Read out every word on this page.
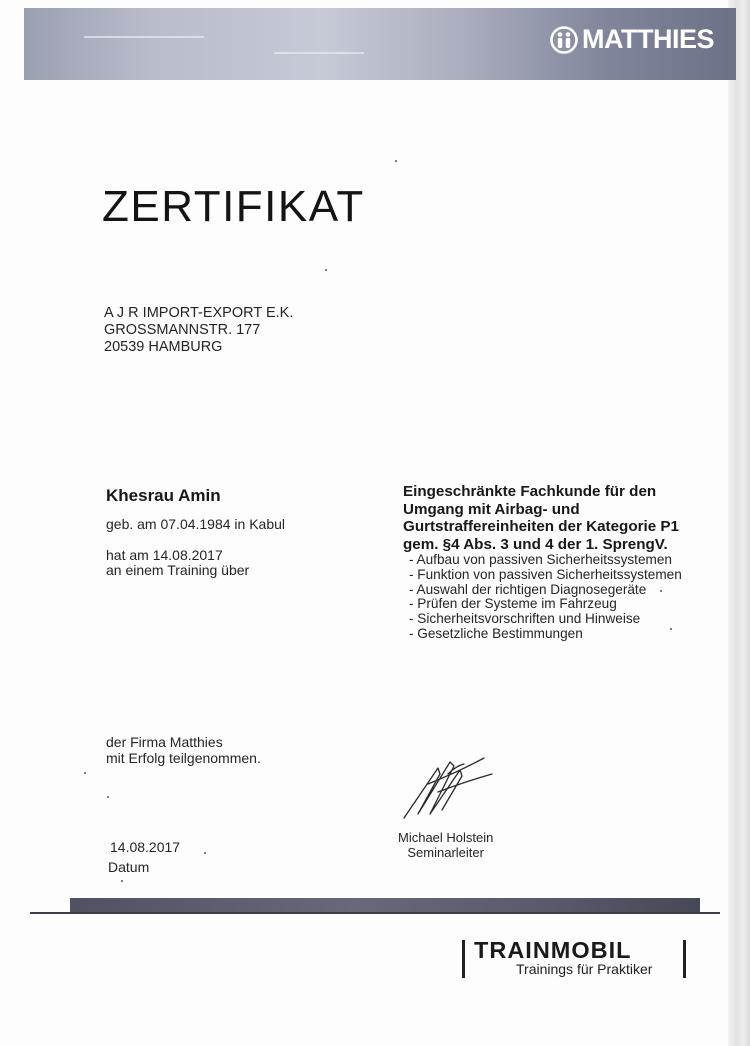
MATTHIES
ZERTIFIKAT
A J R IMPORT-EXPORT E.K.
GROSSMANNSTR. 177
20539 HAMBURG
Khesrau Amin
geb. am 07.04.1984 in Kabul
hat am 14.08.2017
an einem Training über
Eingeschränkte Fachkunde für den
Umgang mit Airbag- und
Gurtstraffereinheiten der Kategorie P1
gem. §4 Abs. 3 und 4 der 1. SprengV.
- Aufbau von passiven Sicherheitssystemen
- Funktion von passiven Sicherheitssystemen
- Auswahl der richtigen Diagnosegeräte
- Prüfen der Systeme im Fahrzeug
- Sicherheitsvorschriften und Hinweise
- Gesetzliche Bestimmungen
der Firma Matthies
mit Erfolg teilgenommen.
Michael Holstein
Seminarleiter
14.08.2017
Datum
TRAINMOBIL
Trainings für Praktiker
